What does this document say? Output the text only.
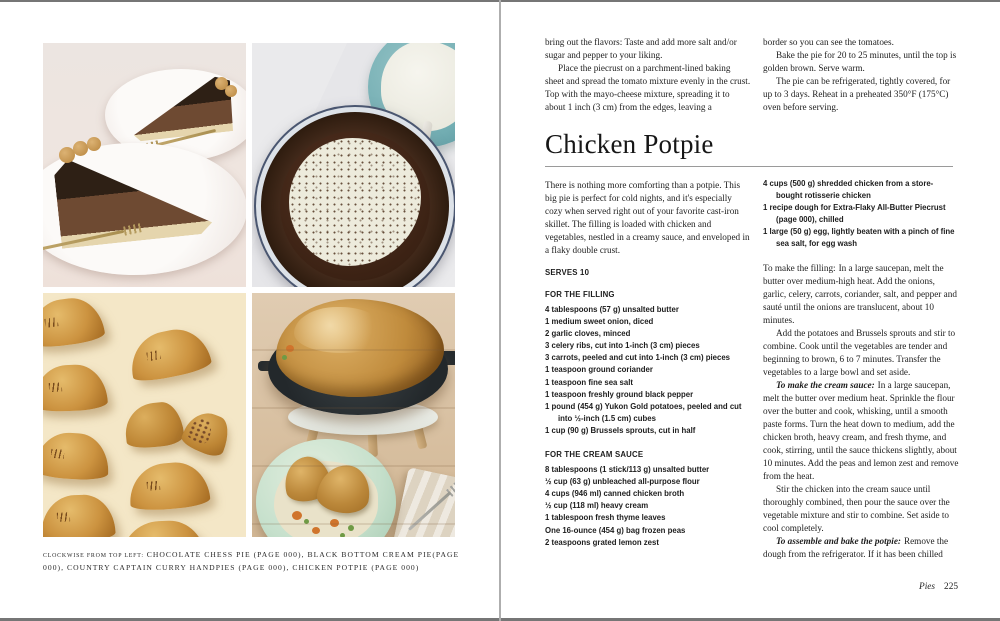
CLOCKWISE FROM TOP LEFT: CHOCOLATE CHESS PIE (PAGE 000), BLACK BOTTOM CREAM PIE(PAGE 000), COUNTRY CAPTAIN CURRY HANDPIES (PAGE 000), CHICKEN POTPIE (PAGE 000)

bring out the flavors: Taste and add more salt and/or sugar and pepper to your liking.

Place the piecrust on a parchment-lined baking sheet and spread the tomato mixture evenly in the crust. Top with the mayo-cheese mixture, spreading it to about 1 inch (3 cm) from the edges, leaving a

border so you can see the tomatoes.

Bake the pie for 20 to 25 minutes, until the top is golden brown. Serve warm.

The pie can be refrigerated, tightly covered, for up to 3 days. Reheat in a preheated 350°F (175°C) oven before serving.

Chicken Potpie

There is nothing more comforting than a potpie. This big pie is perfect for cold nights, and it's especially cozy when served right out of your favorite cast-iron skillet. The filling is loaded with chicken and vegetables, nestled in a creamy sauce, and enveloped in a flaky double crust.

SERVES 10
FOR THE FILLING
4 tablespoons (57 g) unsalted butter
1 medium sweet onion, diced
2 garlic cloves, minced
3 celery ribs, cut into 1-inch (3 cm) pieces
3 carrots, peeled and cut into 1-inch (3 cm) pieces
1 teaspoon ground coriander
1 teaspoon fine sea salt
1 teaspoon freshly ground black pepper
1 pound (454 g) Yukon Gold potatoes, peeled and cut into ½-inch (1.5 cm) cubes
1 cup (90 g) Brussels sprouts, cut in half
FOR THE CREAM SAUCE
8 tablespoons (1 stick/113 g) unsalted butter
½ cup (63 g) unbleached all-purpose flour
4 cups (946 ml) canned chicken broth
½ cup (118 ml) heavy cream
1 tablespoon fresh thyme leaves
One 16-ounce (454 g) bag frozen peas
2 teaspoons grated lemon zest
4 cups (500 g) shredded chicken from a store-bought rotisserie chicken
1 recipe dough for Extra-Flaky All-Butter Piecrust (page 000), chilled
1 large (50 g) egg, lightly beaten with a pinch of fine sea salt, for egg wash

To make the filling: In a large saucepan, melt the butter over medium-high heat. Add the onions, garlic, celery, carrots, coriander, salt, and pepper and sauté until the onions are translucent, about 10 minutes.

Add the potatoes and Brussels sprouts and stir to combine. Cook until the vegetables are tender and beginning to brown, 6 to 7 minutes. Transfer the vegetables to a large bowl and set aside.

To make the cream sauce: In a large saucepan, melt the butter over medium heat. Sprinkle the flour over the butter and cook, whisking, until a smooth paste forms. Turn the heat down to medium, add the chicken broth, heavy cream, and fresh thyme, and cook, stirring, until the sauce thickens slightly, about 10 minutes. Add the peas and lemon zest and remove from the heat.

Stir the chicken into the cream sauce until thoroughly combined, then pour the sauce over the vegetable mixture and stir to combine. Set aside to cool completely.

To assemble and bake the potpie: Remove the dough from the refrigerator. If it has been chilled

Pies 225
